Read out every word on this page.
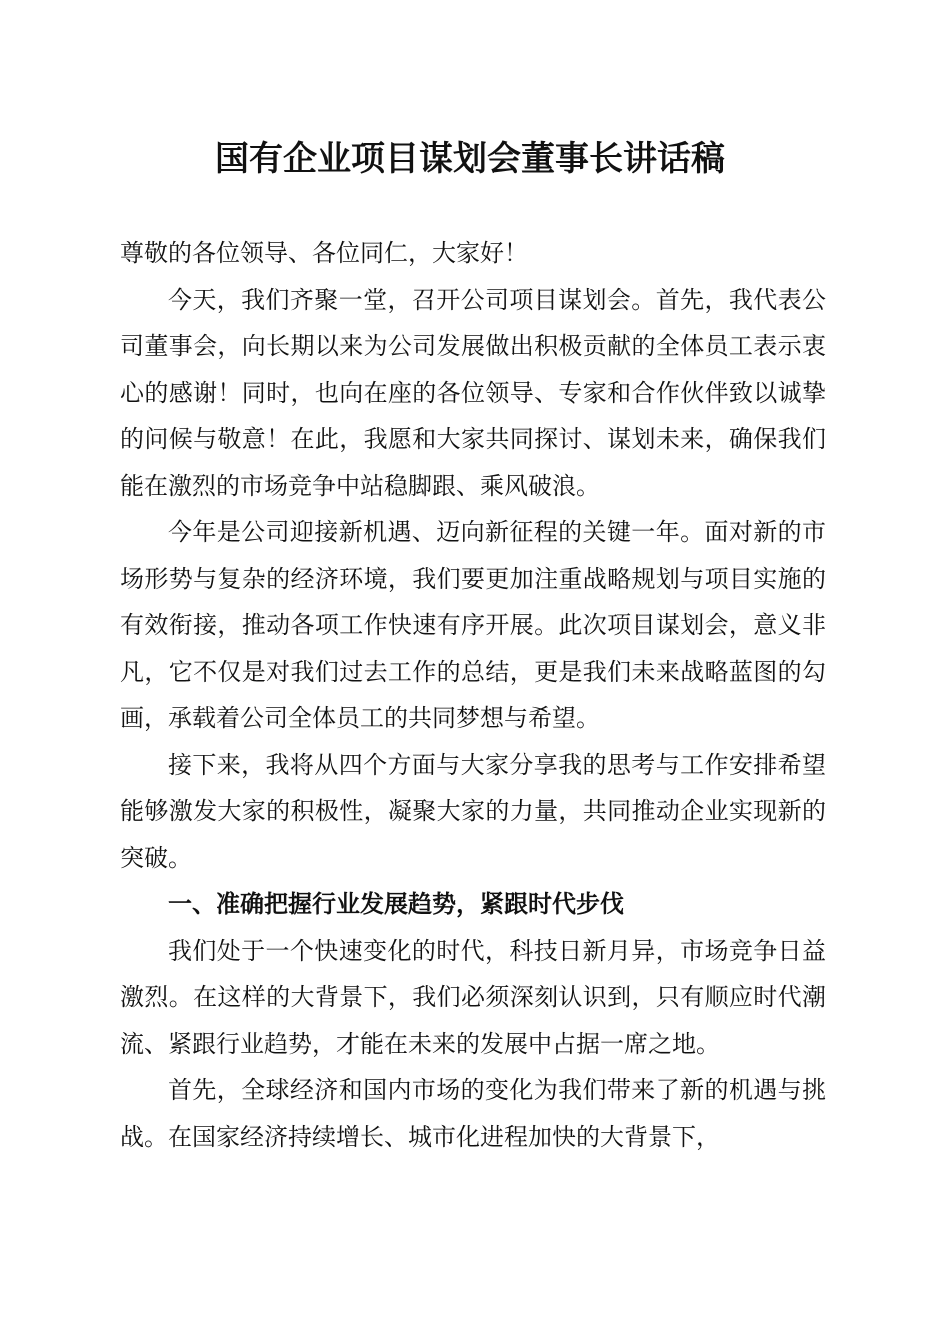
国有企业项目谋划会董事长讲话稿

尊敬的各位领导、各位同仁，大家好！

今天，我们齐聚一堂，召开公司项目谋划会。首先，我代表公司董事会，向长期以来为公司发展做出积极贡献的全体员工表示衷心的感谢！同时，也向在座的各位领导、专家和合作伙伴致以诚挚的问候与敬意！在此，我愿和大家共同探讨、谋划未来，确保我们能在激烈的市场竞争中站稳脚跟、乘风破浪。

今年是公司迎接新机遇、迈向新征程的关键一年。面对新的市场形势与复杂的经济环境，我们要更加注重战略规划与项目实施的有效衔接，推动各项工作快速有序开展。此次项目谋划会，意义非凡，它不仅是对我们过去工作的总结，更是我们未来战略蓝图的勾画，承载着公司全体员工的共同梦想与希望。

接下来，我将从四个方面与大家分享我的思考与工作安排希望能够激发大家的积极性，凝聚大家的力量，共同推动企业实现新的突破。

一、准确把握行业发展趋势，紧跟时代步伐

我们处于一个快速变化的时代，科技日新月异，市场竞争日益激烈。在这样的大背景下，我们必须深刻认识到，只有顺应时代潮流、紧跟行业趋势，才能在未来的发展中占据一席之地。

首先，全球经济和国内市场的变化为我们带来了新的机遇与挑战。在国家经济持续增长、城市化进程加快的大背景下，
